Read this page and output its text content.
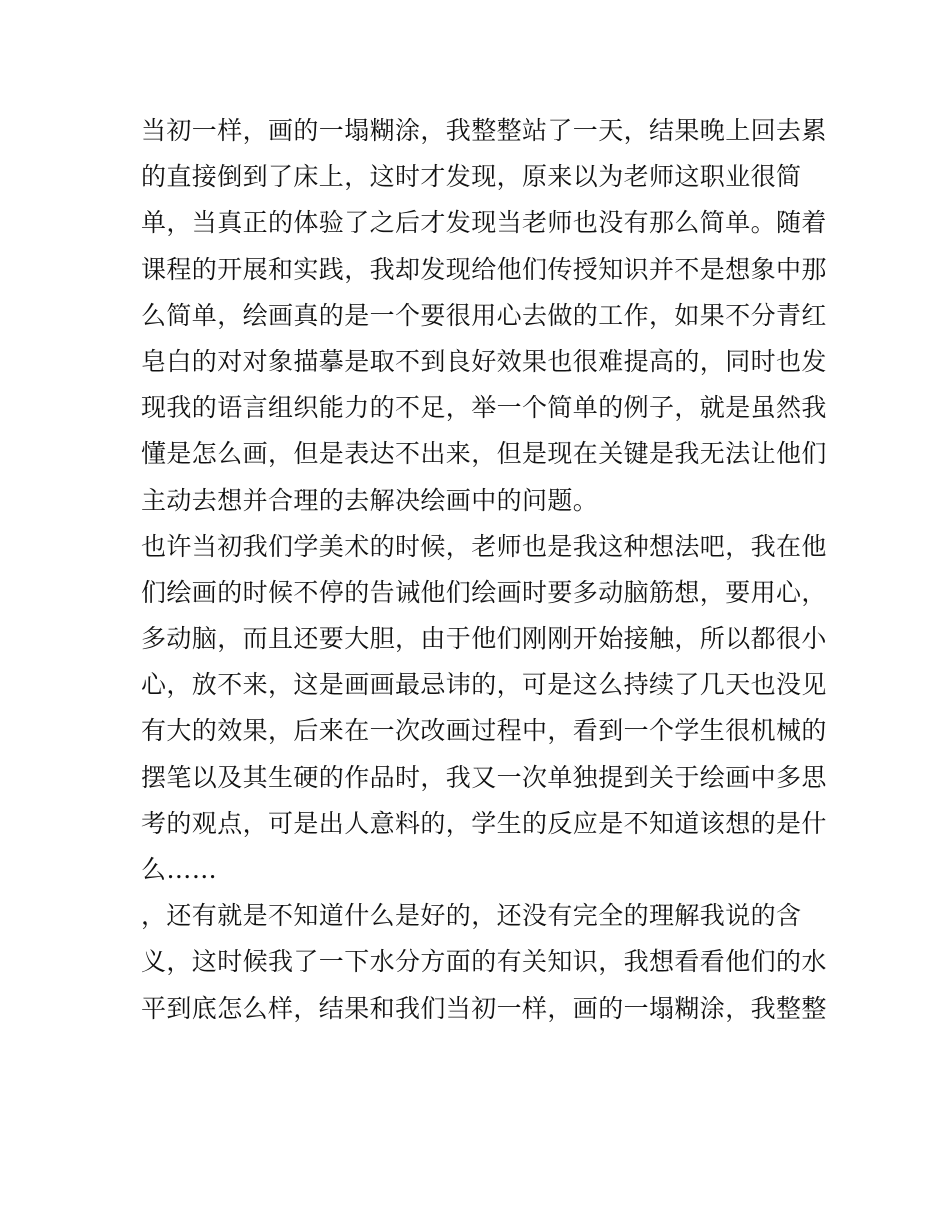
当初一样，画的一塌糊涂，我整整站了一天，结果晚上回去累
的直接倒到了床上，这时才发现，原来以为老师这职业很简
单，当真正的体验了之后才发现当老师也没有那么简单。随着
课程的开展和实践，我却发现给他们传授知识并不是想象中那
么简单，绘画真的是一个要很用心去做的工作，如果不分青红
皂白的对对象描摹是取不到良好效果也很难提高的，同时也发
现我的语言组织能力的不足，举一个简单的例子，就是虽然我
懂是怎么画，但是表达不出来，但是现在关键是我无法让他们
主动去想并合理的去解决绘画中的问题。
也许当初我们学美术的时候，老师也是我这种想法吧，我在他
们绘画的时候不停的告诫他们绘画时要多动脑筋想，要用心，
多动脑，而且还要大胆，由于他们刚刚开始接触，所以都很小
心，放不来，这是画画最忌讳的，可是这么持续了几天也没见
有大的效果，后来在一次改画过程中，看到一个学生很机械的
摆笔以及其生硬的作品时，我又一次单独提到关于绘画中多思
考的观点，可是出人意料的，学生的反应是不知道该想的是什
么……
，还有就是不知道什么是好的，还没有完全的理解我说的含
义，这时候我了一下水分方面的有关知识，我想看看他们的水
平到底怎么样，结果和我们当初一样，画的一塌糊涂，我整整
